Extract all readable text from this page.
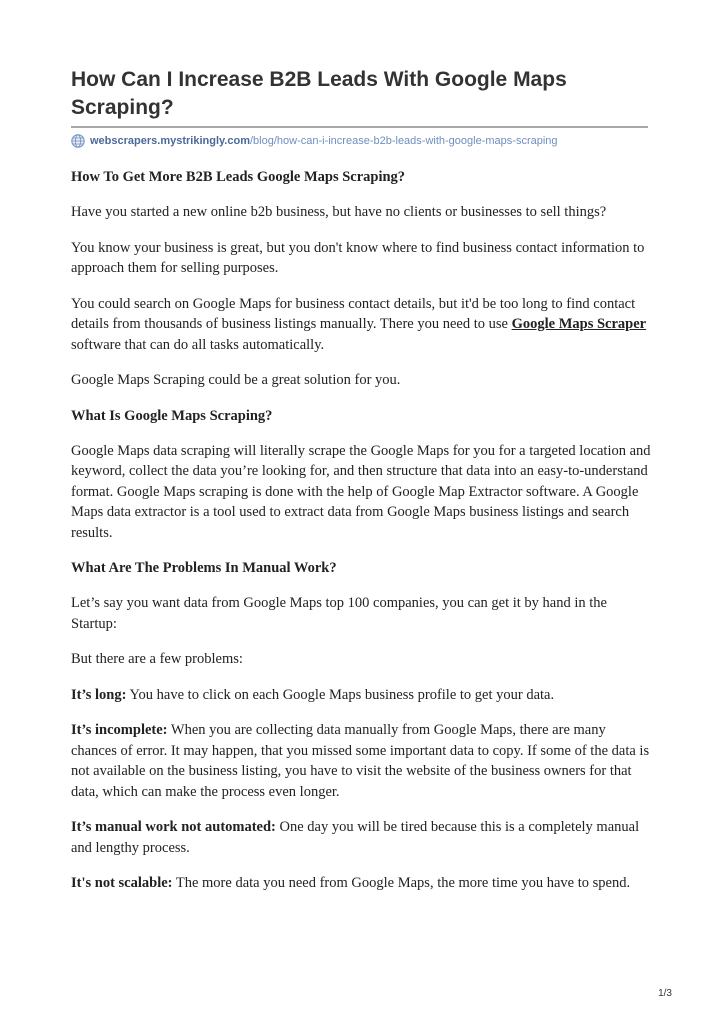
How Can I Increase B2B Leads With Google Maps Scraping?
webscrapers.mystrikingly.com /blog/how-can-i-increase-b2b-leads-with-google-maps-scraping
How To Get More B2B Leads Google Maps Scraping?

Have you started a new online b2b business, but have no clients or businesses to sell things?

You know your business is great, but you don't know where to find business contact information to approach them for selling purposes.

You could search on Google Maps for business contact details, but it'd be too long to find contact details from thousands of business listings manually. There you need to use Google Maps Scraper software that can do all tasks automatically.

Google Maps Scraping could be a great solution for you.

What Is Google Maps Scraping?

Google Maps data scraping will literally scrape the Google Maps for you for a targeted location and keyword, collect the data you’re looking for, and then structure that data into an easy-to-understand format. Google Maps scraping is done with the help of Google Map Extractor software. A Google Maps data extractor is a tool used to extract data from Google Maps business listings and search results.

What Are The Problems In Manual Work?

Let’s say you want data from Google Maps top 100 companies, you can get it by hand in the Startup:

But there are a few problems:

It’s long: You have to click on each Google Maps business profile to get your data.

It’s incomplete: When you are collecting data manually from Google Maps, there are many chances of error. It may happen, that you missed some important data to copy. If some of the data is not available on the business listing, you have to visit the website of the business owners for that data, which can make the process even longer.

It’s manual work not automated: One day you will be tired because this is a completely manual and lengthy process.

It's not scalable: The more data you need from Google Maps, the more time you have to spend.

1/3
